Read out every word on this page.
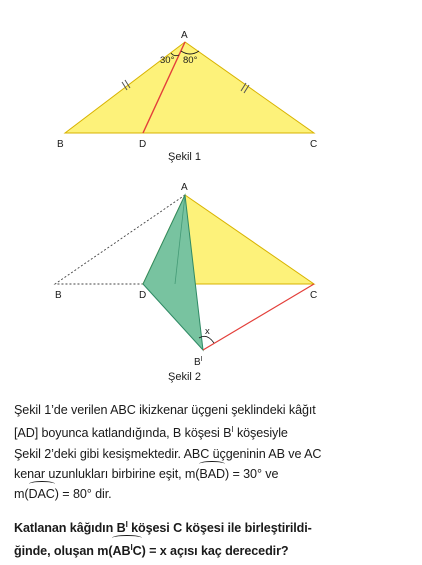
30° 80°
A
B	D	C
Şekil 1
x
A
B	D	C
$B^I$
Şekil 2

Şekil 1’de verilen ABC ikizkenar üçgeni şeklindeki kâğıt

[AD] boyunca katlandığında, B köşesi $B^I$ köşesiyle

Şekil 2’deki gibi kesişmektedir. ABC üçgeninin AB ve AC

kenar uzunlukları birbirine eşit, m(BAD) = 30° ve

m(DAC) = 80° dir.

Katlanan kâğıdın $B^I$ köşesi C köşesi ile birleştirildi-

ğinde, oluşan $m(AB^IC) = x$ açısı kaç derecedir?
